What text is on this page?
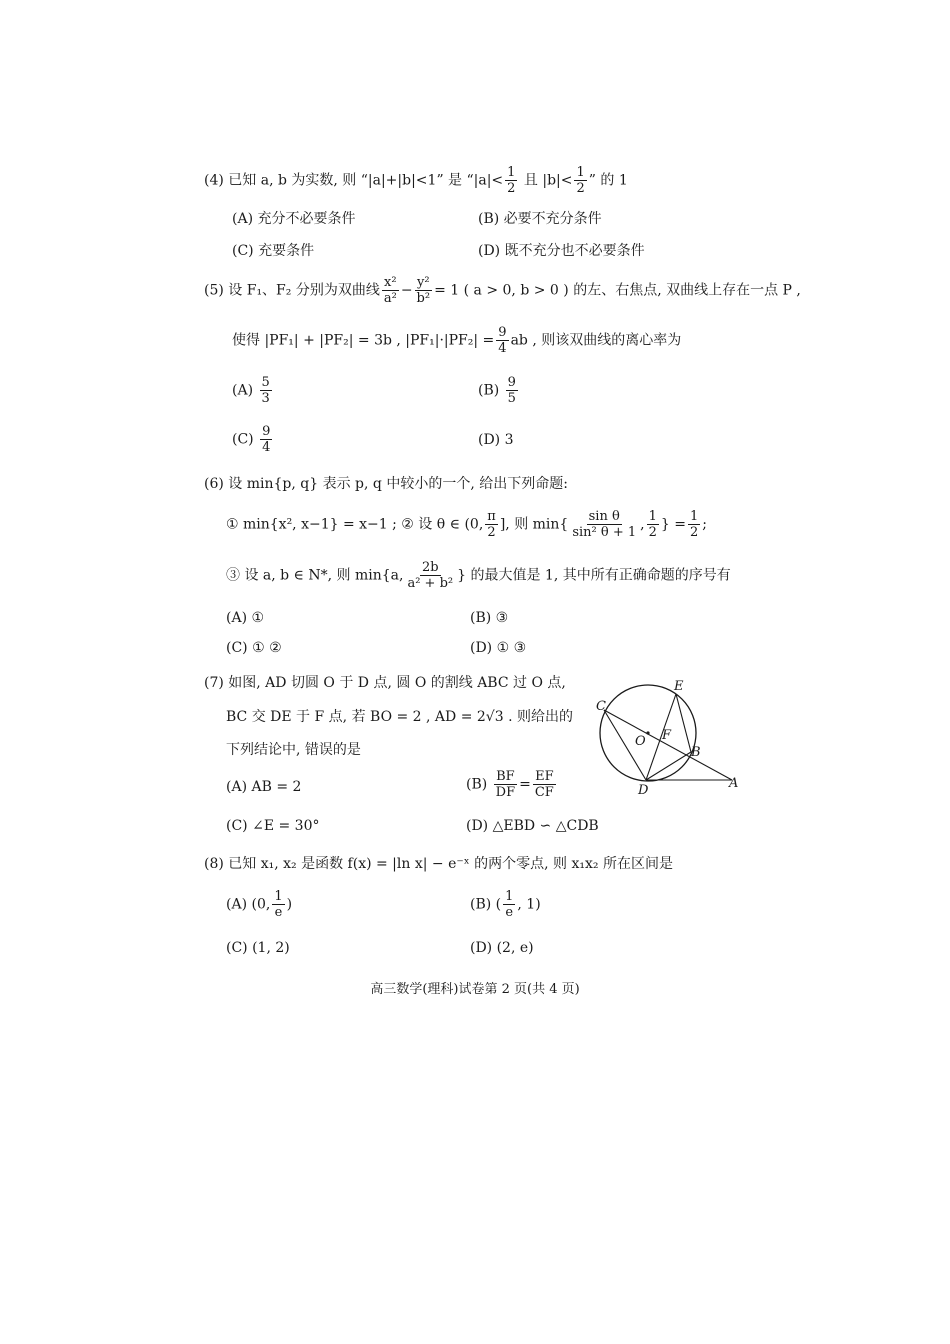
(4) 已知 a, b 为实数, 则 “|a|+|b|<1” 是 “$|a|< \frac{1}{2}$ 且 $|b|< \frac{1}{2}$ ” 的 1
(A) 充分不必要条件	(B) 必要不充分条件
(C) 充要条件	(D) 既不充分也不必要条件
(5) 设 F₁、F₂ 分别为双曲线 $\frac{\text{x²}}{\text{a²}} - \frac{\text{y²}}{\text{b²}} = 1$ ( a > 0, b > 0 ) 的左、右焦点, 双曲线上存在一点 P ,
使得 |PF₁| + |PF₂| = 3b , $|PF_1|\cdot|PF_2| = \frac{9}{4}$ ab , 则该双曲线的离心率为
$(A) \frac{5}{3}$	$(B) \frac{9}{5}$
$(C) \frac{9}{4}$	(D) 3
(6) 设 min{p, q} 表示 p, q 中较小的一个, 给出下列命题:
① min{x², x−1} = x−1 ; ② 设 θ ∈ (0, $\frac{\pi}{2}$ ], 则 $\min\{ \frac{\text{sin θ}}{\text{sin² θ + 1}}$ , $\frac{1}{2}$ } = $\frac{1}{2}$ ;
③ 设 a, b ∈ N*, 则 min{a, $\frac{2b}{\text{a² + b²}}$ } 的最大值是 1, 其中所有正确命题的序号有
(A) ①	(B) ③
(C) ① ②	(D) ① ③
(7) 如图, AD 切圆 O 于 D 点, 圆 O 的割线 ABC 过 O 点,
BC 交 DE 于 F 点, 若 BO = 2 , AD = 2√3 . 则给出的
下列结论中, 错误的是
(A) AB = 2	$(B) \frac{BF}{DF} = \frac{EF}{CF}$
(C) ∠E = 30°	(D) △EBD ∽ △CDB
C
E
O F
B
D	A
(8) 已知 x₁, x₂ 是函数 f(x) = |ln x| − e⁻ˣ 的两个零点, 则 x₁x₂ 所在区间是
(A) (0, $\frac{1}{e}$ )	(B) ( $\frac{1}{e}$ , 1)
(C) (1, 2)	(D) (2, e)
高三数学(理科)试卷第 2 页(共 4 页)
